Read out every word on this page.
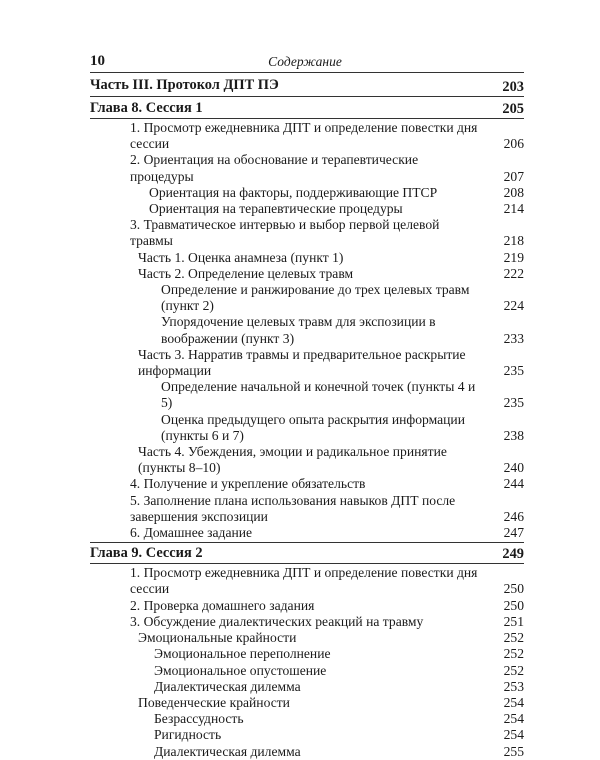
10	Содержание
Часть III. Протокол ДПТ ПЭ	203
Глава 8. Сессия 1	205
1. Просмотр ежедневника ДПТ и определение повестки дня сессии	206
2. Ориентация на обоснование и терапевтические процедуры	207
Ориентация на факторы, поддерживающие ПТСР	208
Ориентация на терапевтические процедуры	214
3. Травматическое интервью и выбор первой целевой травмы	218
Часть 1. Оценка анамнеза (пункт 1)	219
Часть 2. Определение целевых травм	222
Определение и ранжирование до трех целевых травм (пункт 2)	224
Упорядочение целевых травм для экспозиции в воображении (пункт 3)	233
Часть 3. Нарратив травмы и предварительное раскрытие информации	235
Определение начальной и конечной точек (пункты 4 и 5)	235
Оценка предыдущего опыта раскрытия информации (пункты 6 и 7)	238
Часть 4. Убеждения, эмоции и радикальное принятие (пункты 8–10)	240
4. Получение и укрепление обязательств	244
5. Заполнение плана использования навыков ДПТ после завершения экспозиции	246
6. Домашнее задание	247
Глава 9. Сессия 2	249
1. Просмотр ежедневника ДПТ и определение повестки дня сессии	250
2. Проверка домашнего задания	250
3. Обсуждение диалектических реакций на травму	251
Эмоциональные крайности	252
Эмоциональное переполнение	252
Эмоциональное опустошение	252
Диалектическая дилемма	253
Поведенческие крайности	254
Безрассудность	254
Ригидность	254
Диалектическая дилемма	255
